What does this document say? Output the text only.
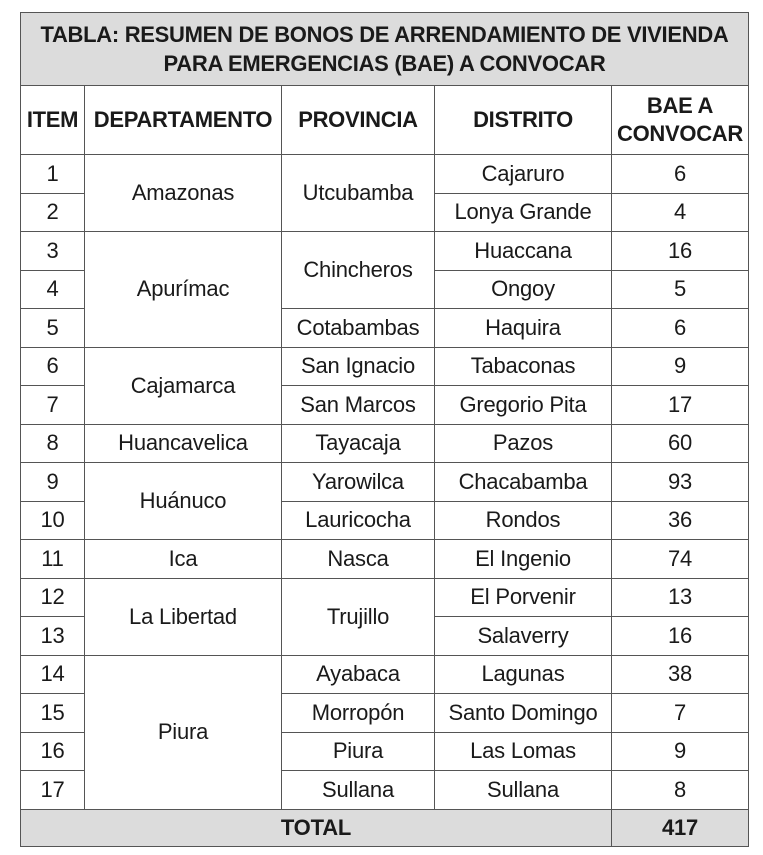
TABLA: RESUMEN DE BONOS DE ARRENDAMIENTO DE VIVIENDA PARA EMERGENCIAS (BAE) A CONVOCAR				
ITEM	DEPARTAMENTO	PROVINCIA	DISTRITO	BAE A
CONVOCAR
1	Amazonas	Utcubamba	Cajaruro	6
2			Lonya Grande	4
3	Apurímac	Chincheros	Huaccana	16
4			Ongoy	5
5		Cotabambas	Haquira	6
6	Cajamarca	San Ignacio	Tabaconas	9
7		San Marcos	Gregorio Pita	17
8	Huancavelica	Tayacaja	Pazos	60
9	Huánuco	Yarowilca	Chacabamba	93
10		Lauricocha	Rondos	36
11	Ica	Nasca	El Ingenio	74
12	La Libertad	Trujillo	El Porvenir	13
13			Salaverry	16
14	Piura	Ayabaca	Lagunas	38
15		Morropón	Santo Domingo	7
16		Piura	Las Lomas	9
17		Sullana	Sullana	8
TOTAL				417
